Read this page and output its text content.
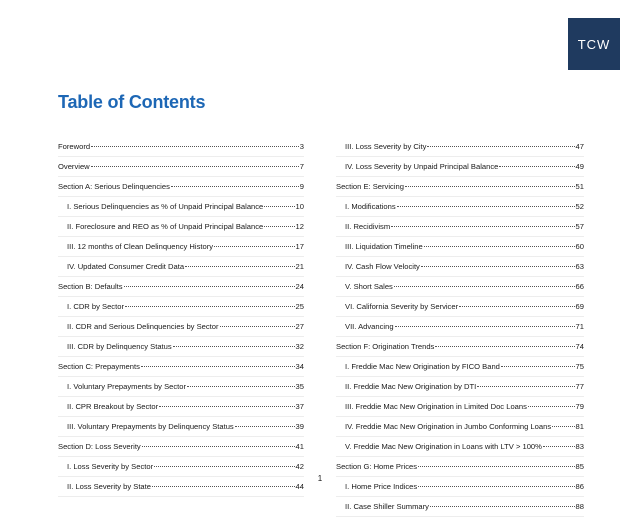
TCW
Table of Contents
Foreword	3
Overview	7
Section A: Serious Delinquencies	9
I. Serious Delinquencies as % of Unpaid Principal Balance	10
II. Foreclosure and REO as % of Unpaid Principal Balance	12
III. 12 months of Clean Delinquency History	17
IV. Updated Consumer Credit Data	21
Section B: Defaults	24
I. CDR by Sector	25
II. CDR and Serious Delinquencies by Sector	27
III. CDR by Delinquency Status	32
Section C: Prepayments	34
I. Voluntary Prepayments by Sector	35
II. CPR Breakout by Sector	37
III. Voluntary Prepayments by Delinquency Status	39
Section D: Loss Severity	41
I. Loss Severity by Sector	42
II. Loss Severity by State	44
III. Loss Severity by City	47
IV. Loss Severity by Unpaid Principal Balance	49
Section E: Servicing	51
I. Modifications	52
II. Recidivism	57
III. Liquidation Timeline	60
IV. Cash Flow Velocity	63
V. Short Sales	66
VI. California Severity by Servicer	69
VII. Advancing	71
Section F: Origination Trends	74
I. Freddie Mac New Origination by FICO Band	75
II. Freddie Mac New Origination by DTI	77
III. Freddie Mac New Origination in Limited Doc Loans	79
IV. Freddie Mac New Origination in Jumbo Conforming Loans	81
V. Freddie Mac New Origination in Loans with LTV > 100%	83
Section G: Home Prices	85
I. Home Price Indices	86
II. Case Shiller Summary	88
1
